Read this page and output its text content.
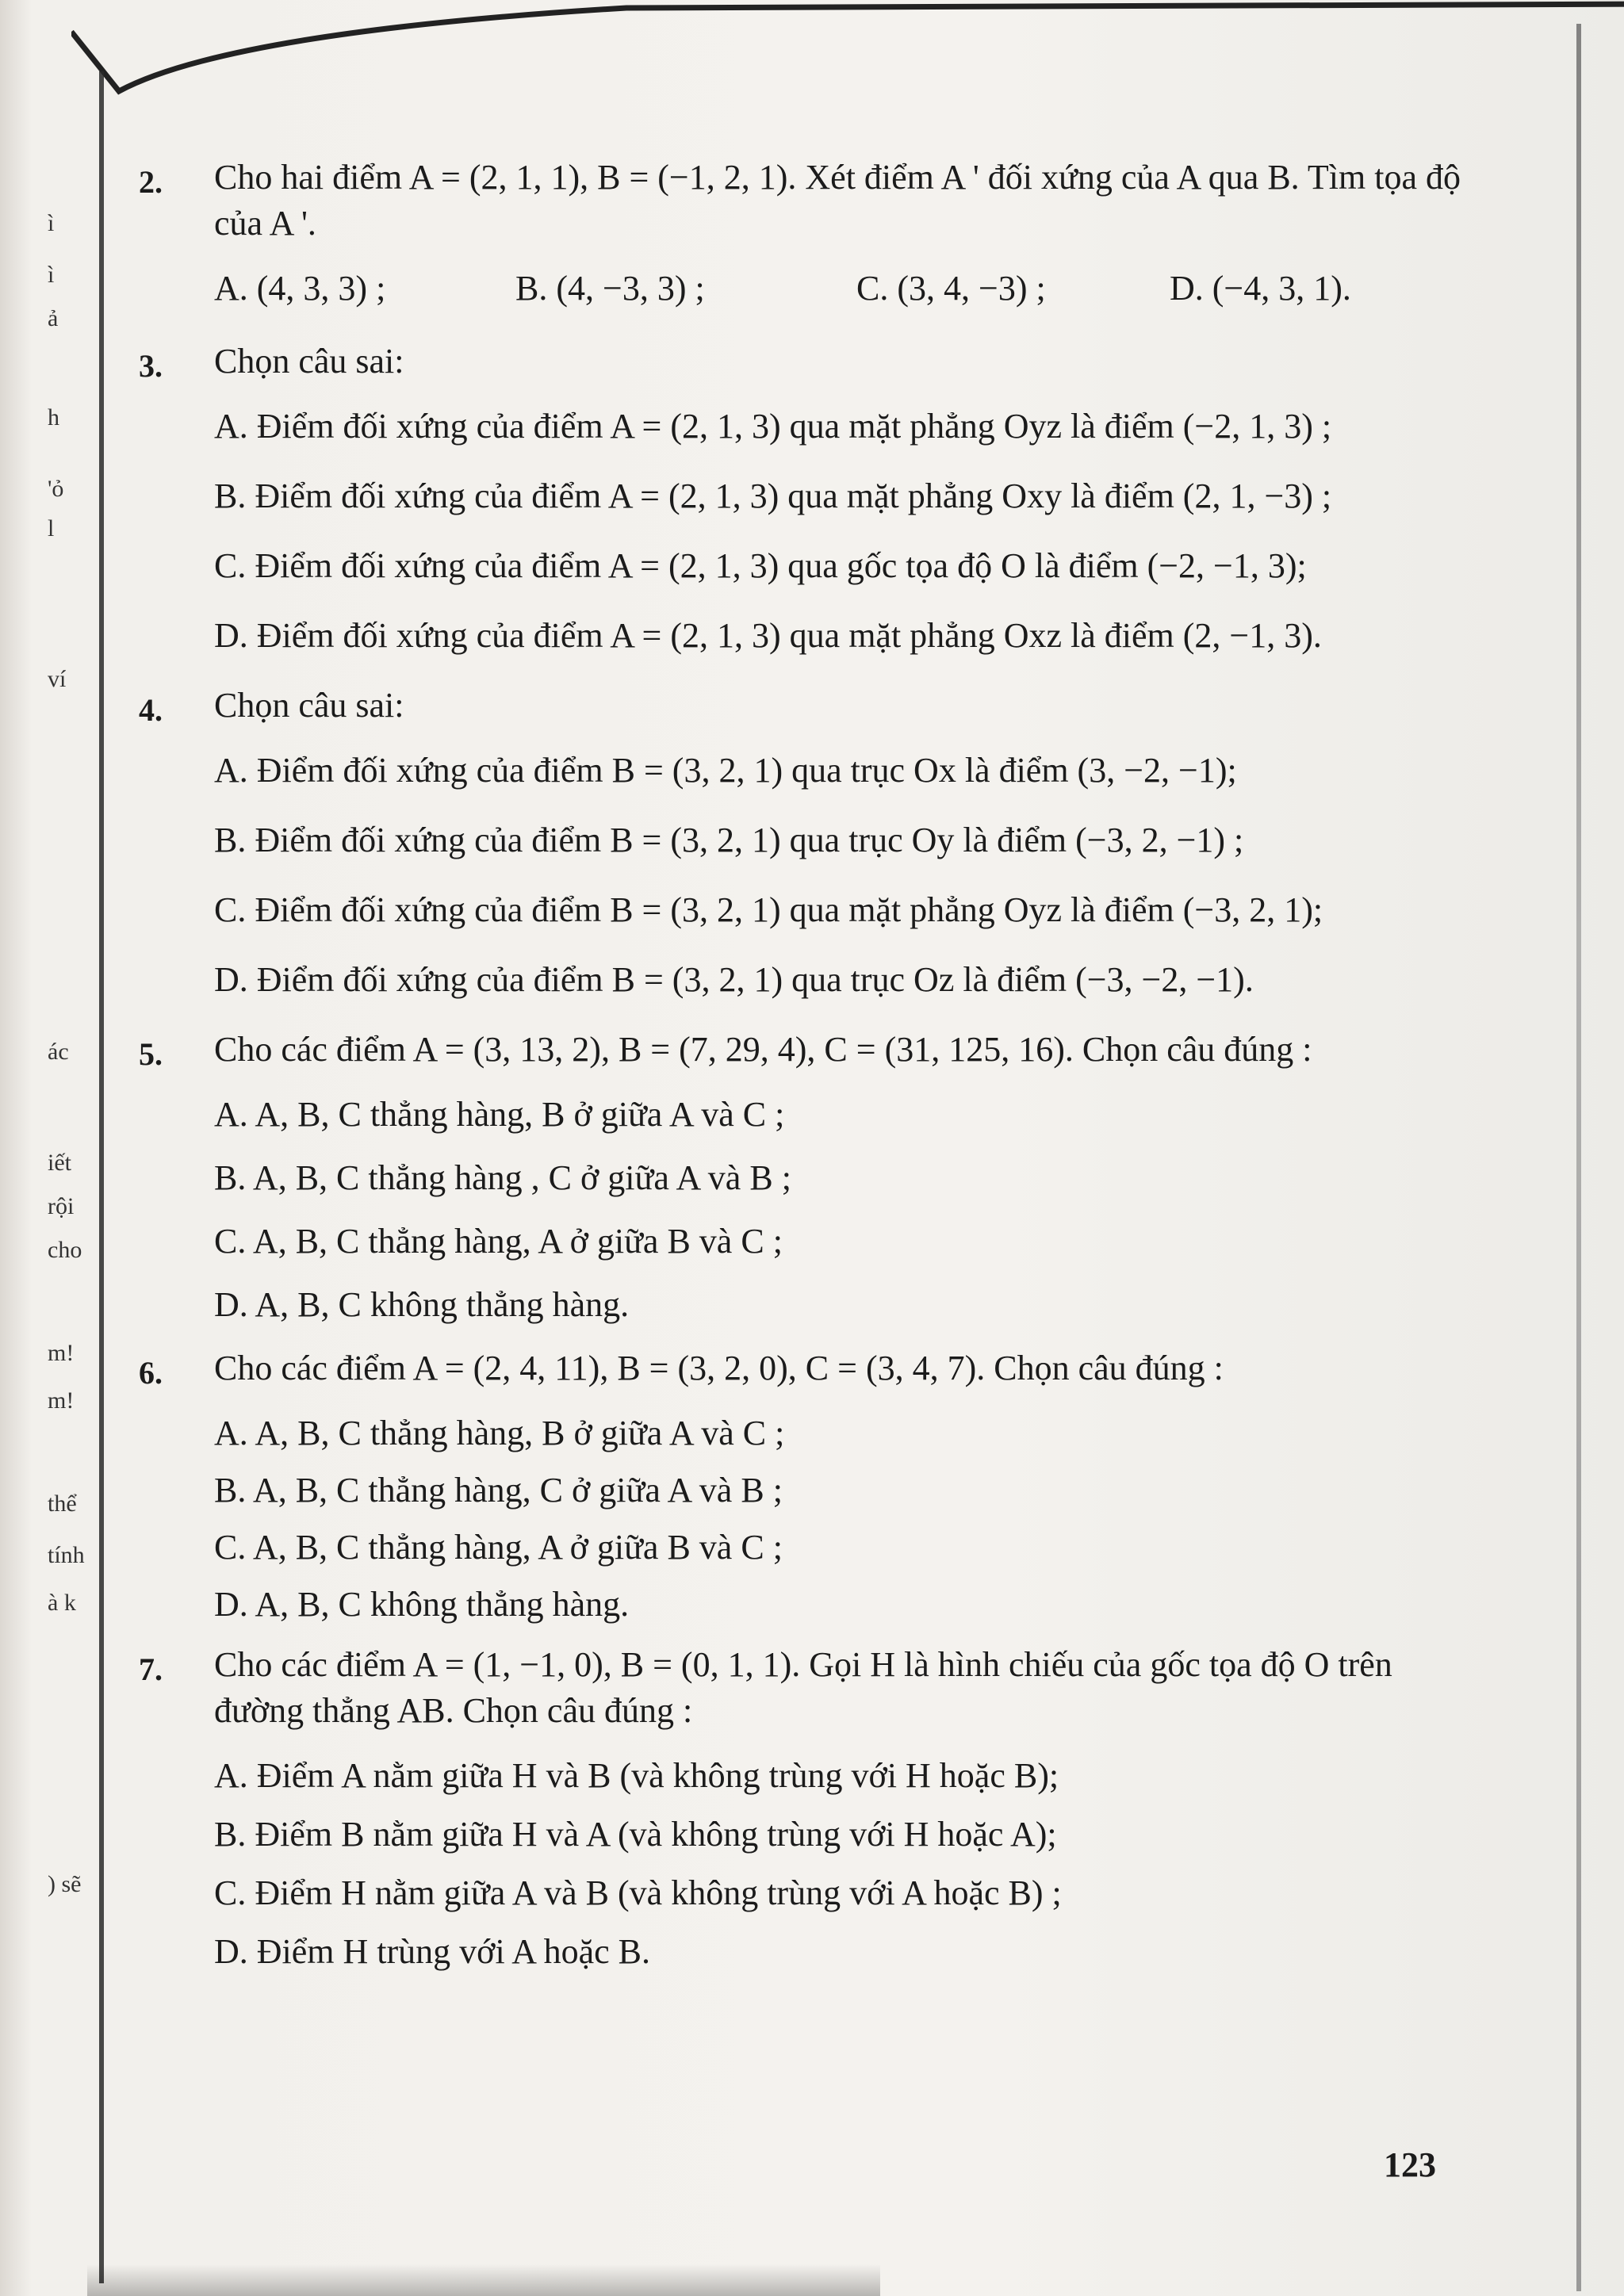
ì
ì
ả
h
'ỏ
l
ví
ác
iết
rội
cho
m!
m!
thể
tính
à k
) sẽ
2. Cho hai điểm A = (2, 1, 1), B = (−1, 2, 1). Xét điểm A ' đối xứng của A qua B. Tìm tọa độ của A '.
A. (4, 3, 3) ;	B. (4, −3, 3) ;	C. (3, 4, −3) ;	D. (−4, 3, 1).
3. Chọn câu sai:
A. Điểm đối xứng của điểm A = (2, 1, 3) qua mặt phẳng Oyz là điểm (−2, 1, 3) ;
B. Điểm đối xứng của điểm A = (2, 1, 3) qua mặt phẳng Oxy là điểm (2, 1, −3) ;
C. Điểm đối xứng của điểm A = (2, 1, 3) qua gốc tọa độ O là điểm (−2, −1, 3);
D. Điểm đối xứng của điểm A = (2, 1, 3) qua mặt phẳng Oxz là điểm (2, −1, 3).
4. Chọn câu sai:
A. Điểm đối xứng của điểm B = (3, 2, 1) qua trục Ox là điểm (3, −2, −1);
B. Điểm đối xứng của điểm B = (3, 2, 1) qua trục Oy là điểm (−3, 2, −1) ;
C. Điểm đối xứng của điểm B = (3, 2, 1) qua mặt phẳng Oyz là điểm (−3, 2, 1);
D. Điểm đối xứng của điểm B = (3, 2, 1) qua trục Oz là điểm (−3, −2, −1).
5. Cho các điểm A = (3, 13, 2), B = (7, 29, 4), C = (31, 125, 16). Chọn câu đúng :
A. A, B, C thẳng hàng, B ở giữa A và C ;
B. A, B, C thẳng hàng , C ở giữa A và B ;
C. A, B, C thẳng hàng, A ở giữa B và C ;
D. A, B, C không thẳng hàng.
6. Cho các điểm A = (2, 4, 11), B = (3, 2, 0), C = (3, 4, 7). Chọn câu đúng :
A. A, B, C thẳng hàng, B ở giữa A và C ;
B. A, B, C thẳng hàng, C ở giữa A và B ;
C. A, B, C thẳng hàng, A ở giữa B và C ;
D. A, B, C không thẳng hàng.
7. Cho các điểm A = (1, −1, 0), B = (0, 1, 1). Gọi H là hình chiếu của gốc tọa độ O trên đường thẳng AB. Chọn câu đúng :
A. Điểm A nằm giữa H và B (và không trùng với H hoặc B);
B. Điểm B nằm giữa H và A (và không trùng với H hoặc A);
C. Điểm H nằm giữa A và B (và không trùng với A hoặc B) ;
D. Điểm H trùng với A hoặc B.
123
